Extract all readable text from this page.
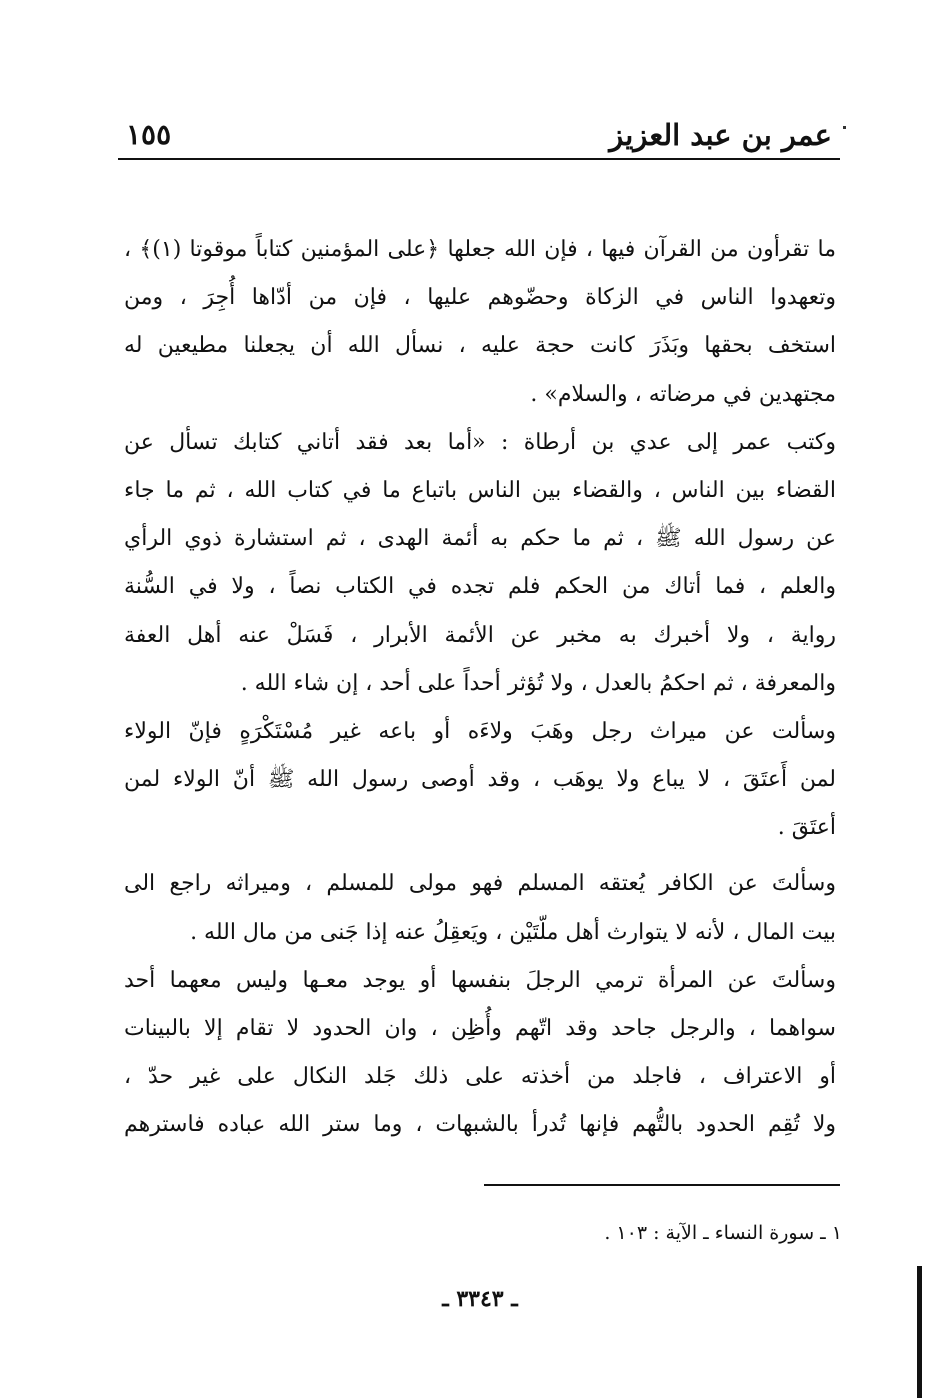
عمر بن عبد العزيز
١٥٥
ما تقرأون من القرآن فيها ، فإن الله جعلها ﴿على المؤمنين كتاباً موقوتا (١)﴾ ،
وتعهدوا الناس في الزكاة وحضّوهم عليها ، فإن من أدّاها أُجِرَ ، ومن
استخف بحقها وبَذَرَ كانت حجة عليه ، نسأل الله أن يجعلنا مطيعين له
مجتهدين في مرضاته ، والسلام» .
وكتب عمر إلى عدي بن أرطاة : «أما بعد فقد أتاني كتابك تسأل عن
القضاء بين الناس ، والقضاء بين الناس باتباع ما في كتاب الله ، ثم ما جاء
عن رسول الله ﷺ ، ثم ما حكم به أئمة الهدى ، ثم استشارة ذوي الرأي
والعلم ، فما أتاك من الحكم فلم تجده في الكتاب نصاً ، ولا في السُّنة
رواية ، ولا أخبرك به مخبر عن الأئمة الأبرار ، فَسَلْ عنه أهل العفة
والمعرفة ، ثم احكمُ بالعدل ، ولا تُؤثر أحداً على أحد ، إن شاء الله .
وسألت عن ميراث رجل وهَبَ ولاءَه أو باعه غير مُسْتَكْرَهٍ فإنّ الولاء
لمن أَعتَقَ ، لا يباع ولا يوهَب ، وقد أوصى رسول الله ﷺ أنّ الولاء لمن
أعتَقَ .
وسألتَ عن الكافر يُعتقه المسلم فهو مولى للمسلم ، وميراثه راجع الى
بيت المال ، لأنه لا يتوارث أهل ملّتَيْن ، ويَعقِلُ عنه إذا جَنى من مال الله .
وسألتَ عن المرأة ترمي الرجلَ بنفسها أو يوجد معـها وليس معهما أحد
سواهما ، والرجل جاحد وقد اتّهم وأُظِن ، وان الحدود لا تقام إلا بالبينات
أو الاعتراف ، فاجلد من أخذته على ذلك جَلد النكال على غير حدّ ،
ولا تُقِم الحدود بالتُّهم فإنها تُدرأ بالشبهات ، وما ستر الله عباده فاسترهم
١ ـ سورة النساء ـ الآية : ١٠٣ .
ـ ٣٣٤٣ ـ
